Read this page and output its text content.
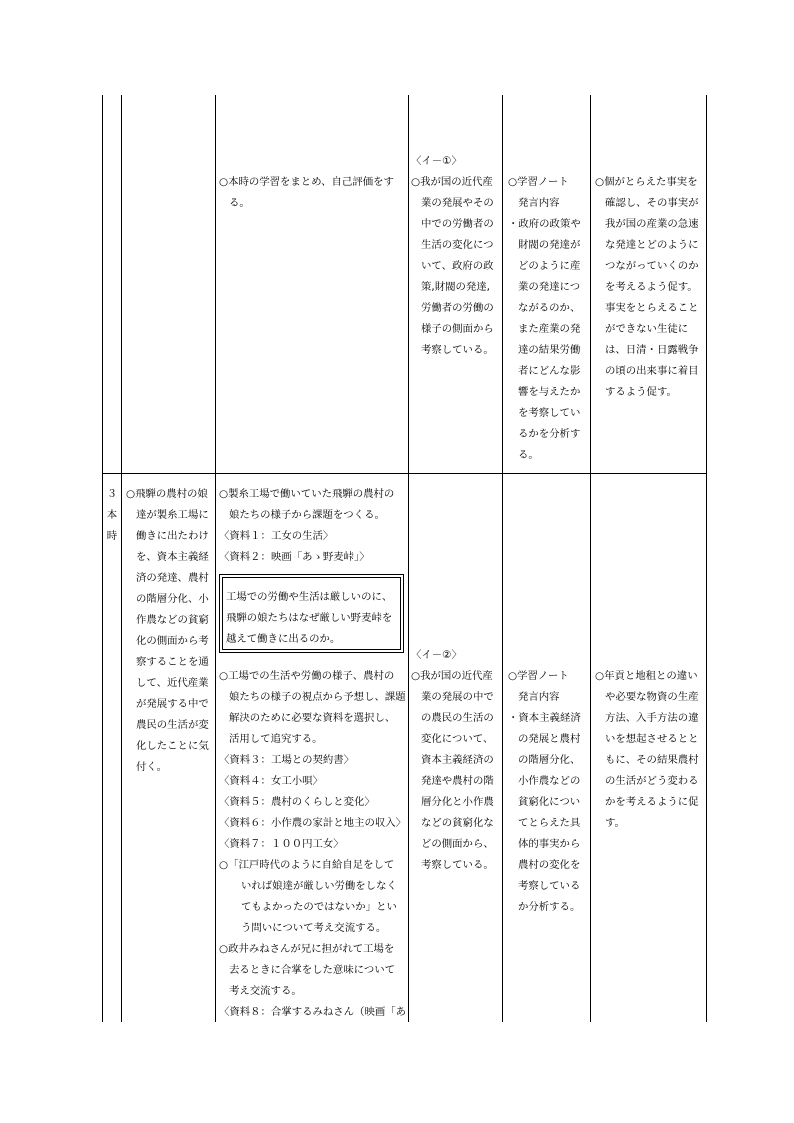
○本時の学習をまとめ、自己評価をす
る。
〈イ－①〉
○我が国の近代産
業の発展やその
中での労働者の
生活の変化につ
いて、政府の政
策,財閥の発達,
労働者の労働の
様子の側面から
考察している。
○学習ノート
発言内容
・政府の政策や
財閥の発達が
どのように産
業の発達につ
ながるのか、
また産業の発
達の結果労働
者にどんな影
響を与えたか
を考察してい
るかを分析す
る。
○個がとらえた事実を
確認し、その事実が
我が国の産業の急速
な発達とどのように
つながっていくのか
を考えるよう促す。
事実をとらえること
ができない生徒に
は、日清・日露戦争
の頃の出来事に着目
するよう促す。
３
本
時
○飛騨の農村の娘
達が製糸工場に
働きに出たわけ
を、資本主義経
済の発達、農村
の階層分化、小
作農などの貧窮
化の側面から考
察することを通
して、近代産業
が発展する中で
農民の生活が変
化したことに気
付く。
○製糸工場で働いていた飛騨の農村の
娘たちの様子から課題をつくる。
〈資料１：工女の生活〉
〈資料２：映画「あゝ野麦峠」〉
工場での労働や生活は厳しいのに、
飛騨の娘たちはなぜ厳しい野麦峠を
越えて働きに出るのか。
○工場での生活や労働の様子、農村の
娘たちの様子の視点から予想し、課題
解決のために必要な資料を選択し、
活用して追究する。
〈資料３：工場との契約書〉
〈資料４：女工小唄〉
〈資料５：農村のくらしと変化〉
〈資料６：小作農の家計と地主の収入〉
〈資料７：１００円工女〉
○「江戸時代のように自給自足をして
いれば娘達が厳しい労働をしなく
てもよかったのではないか」とい
う問いについて考え交流する。
○政井みねさんが兄に担がれて工場を
去るときに合掌をした意味について
考え交流する。
〈資料８：合掌するみねさん（映画「あ
〈イ－②〉
○我が国の近代産
業の発展の中で
の農民の生活の
変化について、
資本主義経済の
発達や農村の階
層分化と小作農
などの貧窮化な
どの側面から、
考察している。
○学習ノート
発言内容
・資本主義経済
の発展と農村
の階層分化、
小作農などの
貧窮化につい
てとらえた具
体的事実から
農村の変化を
考察している
か分析する。
○年貢と地租との違い
や必要な物資の生産
方法、入手方法の違
いを想起させるとと
もに、その結果農村
の生活がどう変わる
かを考えるように促
す。
